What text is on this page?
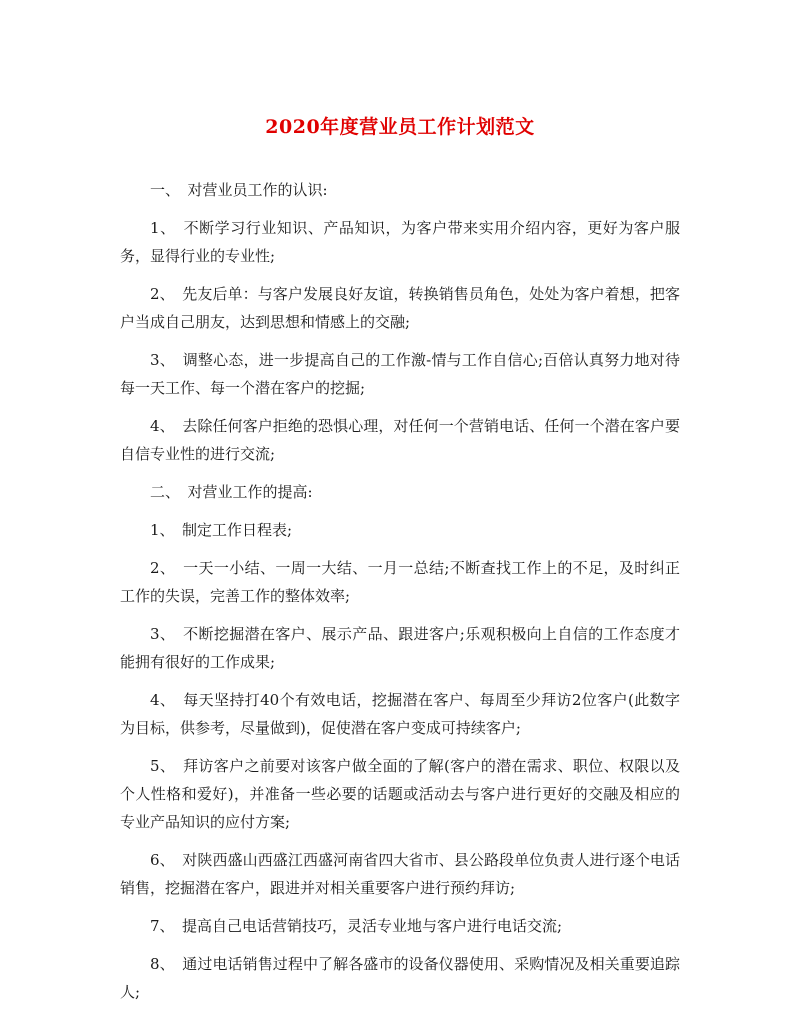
2020年度营业员工作计划范文

一、　对营业员工作的认识:

1、　不断学习行业知识、产品知识，为客户带来实用介绍内容，更好为客户服务，显得行业的专业性;

2、　先友后单：与客户发展良好友谊，转换销售员角色，处处为客户着想，把客户当成自己朋友，达到思想和情感上的交融;

3、　调整心态，进一步提高自己的工作激-情与工作自信心;百倍认真努力地对待每一天工作、每一个潜在客户的挖掘;

4、　去除任何客户拒绝的恐惧心理，对任何一个营销电话、任何一个潜在客户要自信专业性的进行交流;

二、　对营业工作的提高:

1、　制定工作日程表;

2、　一天一小结、一周一大结、一月一总结;不断查找工作上的不足，及时纠正工作的失误，完善工作的整体效率;

3、　不断挖掘潜在客户、展示产品、跟进客户;乐观积极向上自信的工作态度才能拥有很好的工作成果;

4、　每天坚持打40个有效电话，挖掘潜在客户、每周至少拜访2位客户(此数字为目标，供参考，尽量做到)，促使潜在客户变成可持续客户;

5、　拜访客户之前要对该客户做全面的了解(客户的潜在需求、职位、权限以及个人性格和爱好)，并准备一些必要的话题或活动去与客户进行更好的交融及相应的专业产品知识的应付方案;

6、　对陕西盛山西盛江西盛河南省四大省市、县公路段单位负责人进行逐个电话销售，挖掘潜在客户，跟进并对相关重要客户进行预约拜访;

7、　提高自己电话营销技巧，灵活专业地与客户进行电话交流;

8、　通过电话销售过程中了解各盛市的设备仪器使用、采购情况及相关重要追踪人;
